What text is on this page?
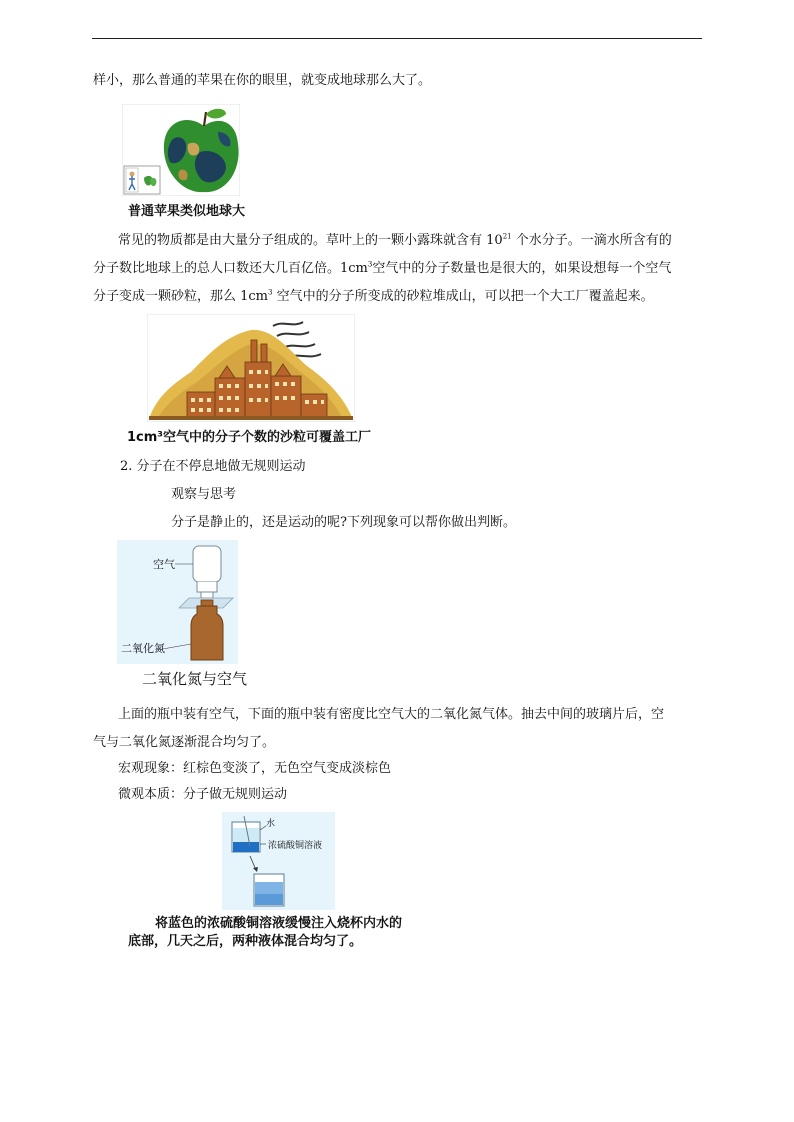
样小，那么普通的苹果在你的眼里，就变成地球那么大了。
普通苹果类似地球大
常见的物质都是由大量分子组成的。草叶上的一颗小露珠就含有 $10^{21}$ 个水分子。一滴水所含有的
分子数比地球上的总人口数还大几百亿倍。$1cm^3$空气中的分子数量也是很大的，如果设想每一个空气
分子变成一颗砂粒，那么 $1cm^3$ 空气中的分子所变成的砂粒堆成山，可以把一个大工厂覆盖起来。
1cm³空气中的分子个数的沙粒可覆盖工厂
2. 分子在不停息地做无规则运动
观察与思考
分子是静止的，还是运动的呢?下列现象可以帮你做出判断。
空气
二氧化氮
二氧化氮与空气
上面的瓶中装有空气，下面的瓶中装有密度比空气大的二氧化氮气体。抽去中间的玻璃片后，空
气与二氧化氮逐渐混合均匀了。
宏观现象：红棕色变淡了，无色空气变成淡棕色
微观本质：分子做无规则运动
水
浓硫酸铜溶液
将蓝色的浓硫酸铜溶液缓慢注入烧杯内水的
底部，几天之后，两种液体混合均匀了。
